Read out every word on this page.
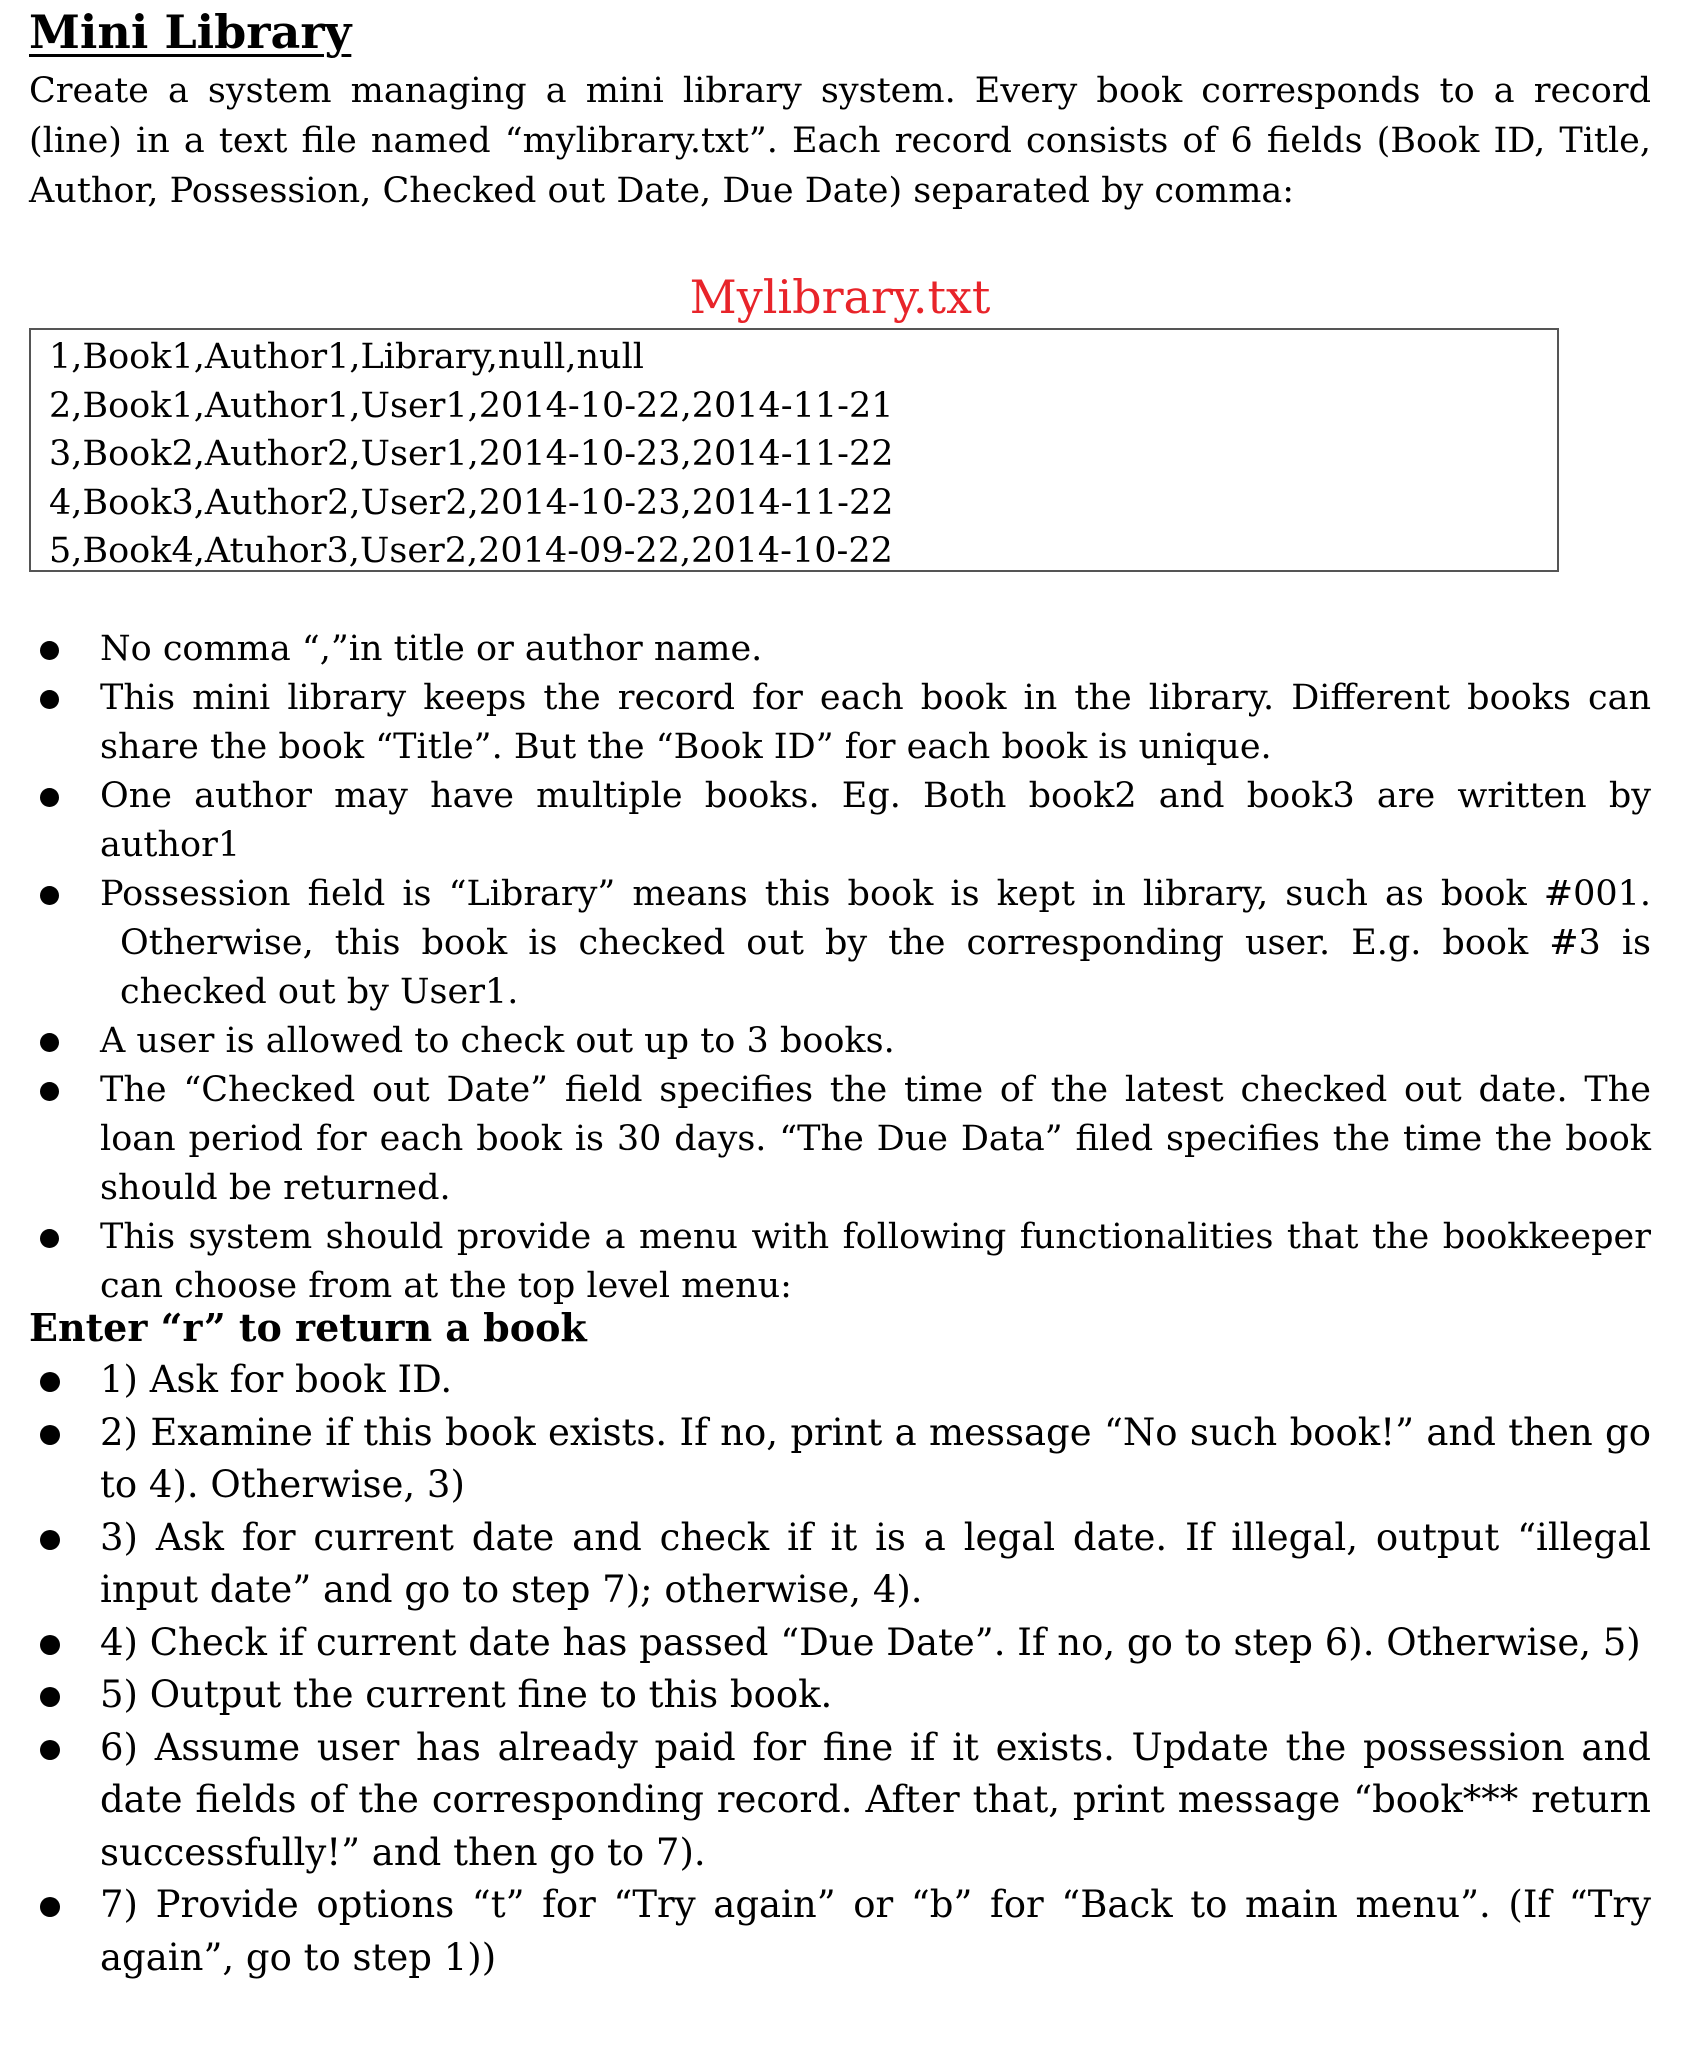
Mini Library

Create a system managing a mini library system. Every book corresponds to a record (line) in a text file named “mylibrary.txt”. Each record consists of 6 fields (Book ID, Title, Author, Possession, Checked out Date, Due Date) separated by comma:

Mylibrary.txt
1,Book1,Author1,Library,null,null
2,Book1,Author1,User1,2014-10-22,2014-11-21
3,Book2,Author2,User1,2014-10-23,2014-11-22
4,Book3,Author2,User2,2014-10-23,2014-11-22
5,Book4,Atuhor3,User2,2014-09-22,2014-10-22
No comma “,”in title or author name.
This mini library keeps the record for each book in the library. Different books can share the book “Title”. But the “Book ID” for each book is unique.
One author may have multiple books. Eg. Both book2 and book3 are written by author1
Possession field is “Library” means this book is kept in library, such as book #001. Otherwise, this book is checked out by the corresponding user. E.g. book #3 is checked out by User1.
A user is allowed to check out up to 3 books.
The “Checked out Date” field specifies the time of the latest checked out date. The loan period for each book is 30 days. “The Due Data” filed specifies the time the book should be returned.
This system should provide a menu with following functionalities that the bookkeeper can choose from at the top level menu:
Enter “r” to return a book
1) Ask for book ID.
2) Examine if this book exists. If no, print a message “No such book!” and then go to 4). Otherwise, 3)
3) Ask for current date and check if it is a legal date. If illegal, output “illegal input date” and go to step 7); otherwise, 4).
4) Check if current date has passed “Due Date”. If no, go to step 6). Otherwise, 5)
5) Output the current fine to this book.
6) Assume user has already paid for fine if it exists. Update the possession and date fields of the corresponding record. After that, print message “book*** return successfully!” and then go to 7).
7) Provide options “t” for “Try again” or “b” for “Back to main menu”. (If “Try again”, go to step 1))
